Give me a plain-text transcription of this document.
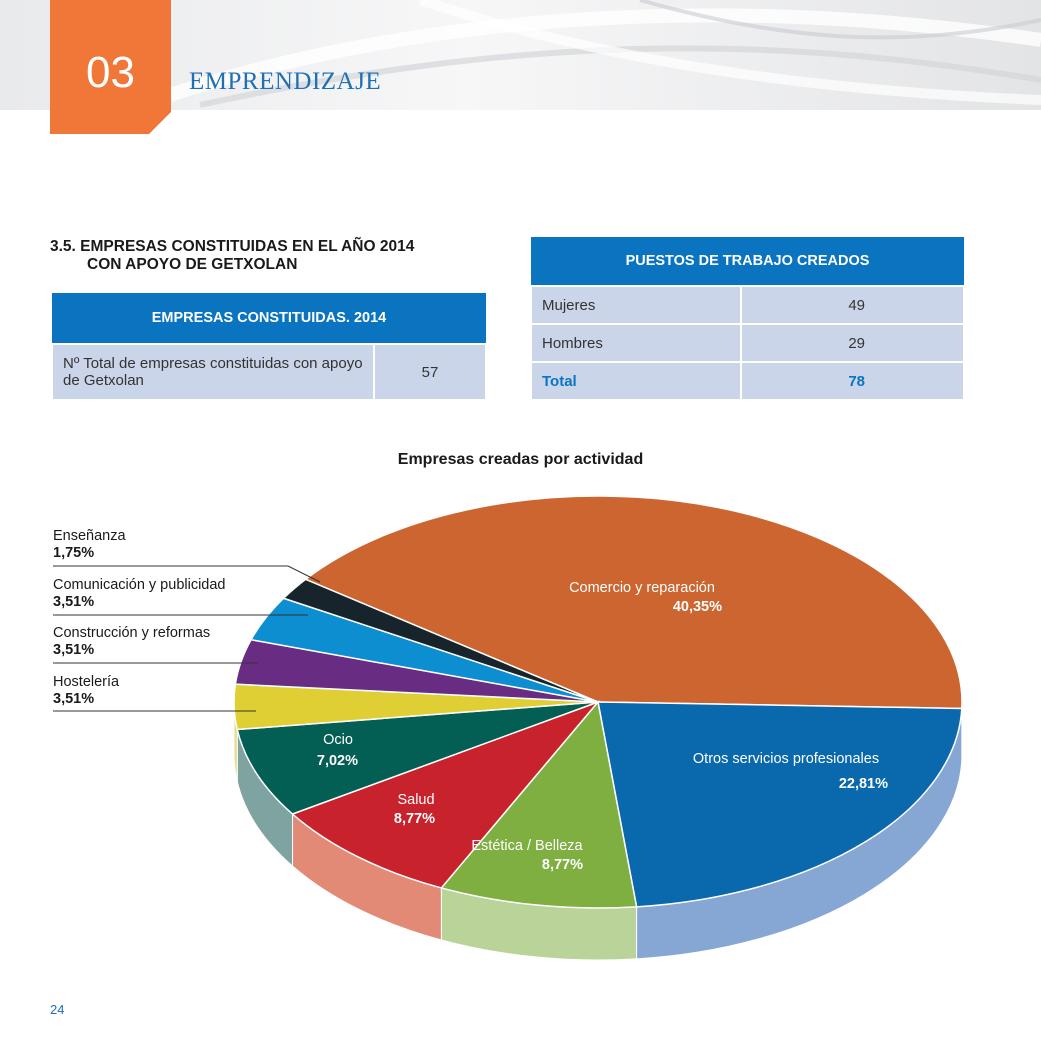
03	EMPRENDIZAJE
3.5. EMPRESAS CONSTITUIDAS EN EL AÑO 2014
CON APOYO DE GETXOLAN
EMPRESAS CONSTITUIDAS. 2014
Nº Total de empresas constituidas con apoyo de Getxolan	57
PUESTOS DE TRABAJO CREADOS	
Mujeres	49
Hombres	29
Total	78
Empresas creadas por actividad
Comercio y reparación
40,35%
Otros servicios profesionales
22,81%
Estética / Belleza
8,77%
Salud
8,77%
Ocio
7,02%
Enseñanza
1,75%
Comunicación y publicidad
3,51%
Construcción y reformas
3,51%
Hostelería
3,51%
24
